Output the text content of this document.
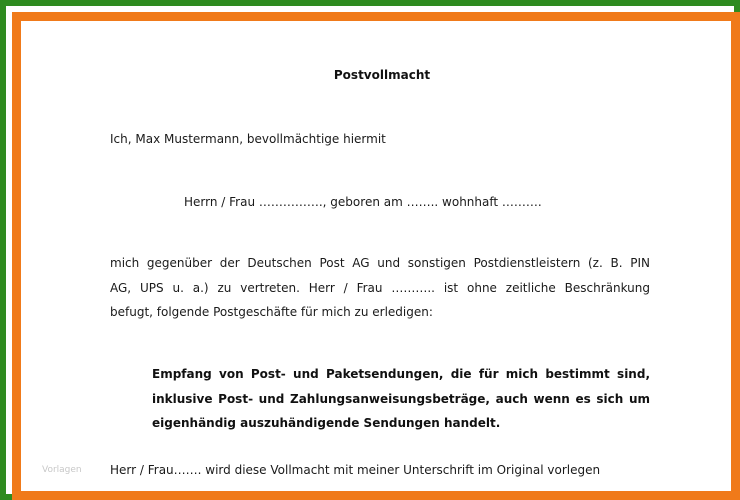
Postvollmacht
Ich, Max Mustermann, bevollmächtige hiermit
Herrn / Frau ……………., geboren am …….. wohnhaft ……….
mich gegenüber der Deutschen Post AG und sonstigen Postdienstleistern (z. B. PIN
AG, UPS u. a.) zu vertreten. Herr / Frau ……….. ist ohne zeitliche Beschränkung
befugt, folgende Postgeschäfte für mich zu erledigen:
Empfang von Post- und Paketsendungen, die für mich bestimmt sind,
inklusive Post- und Zahlungsanweisungsbeträge, auch wenn es sich um
eigenhändig auszuhändigende Sendungen handelt.
Vorlagen Herr / Frau……. wird diese Vollmacht mit meiner Unterschrift im Original vorlegen
